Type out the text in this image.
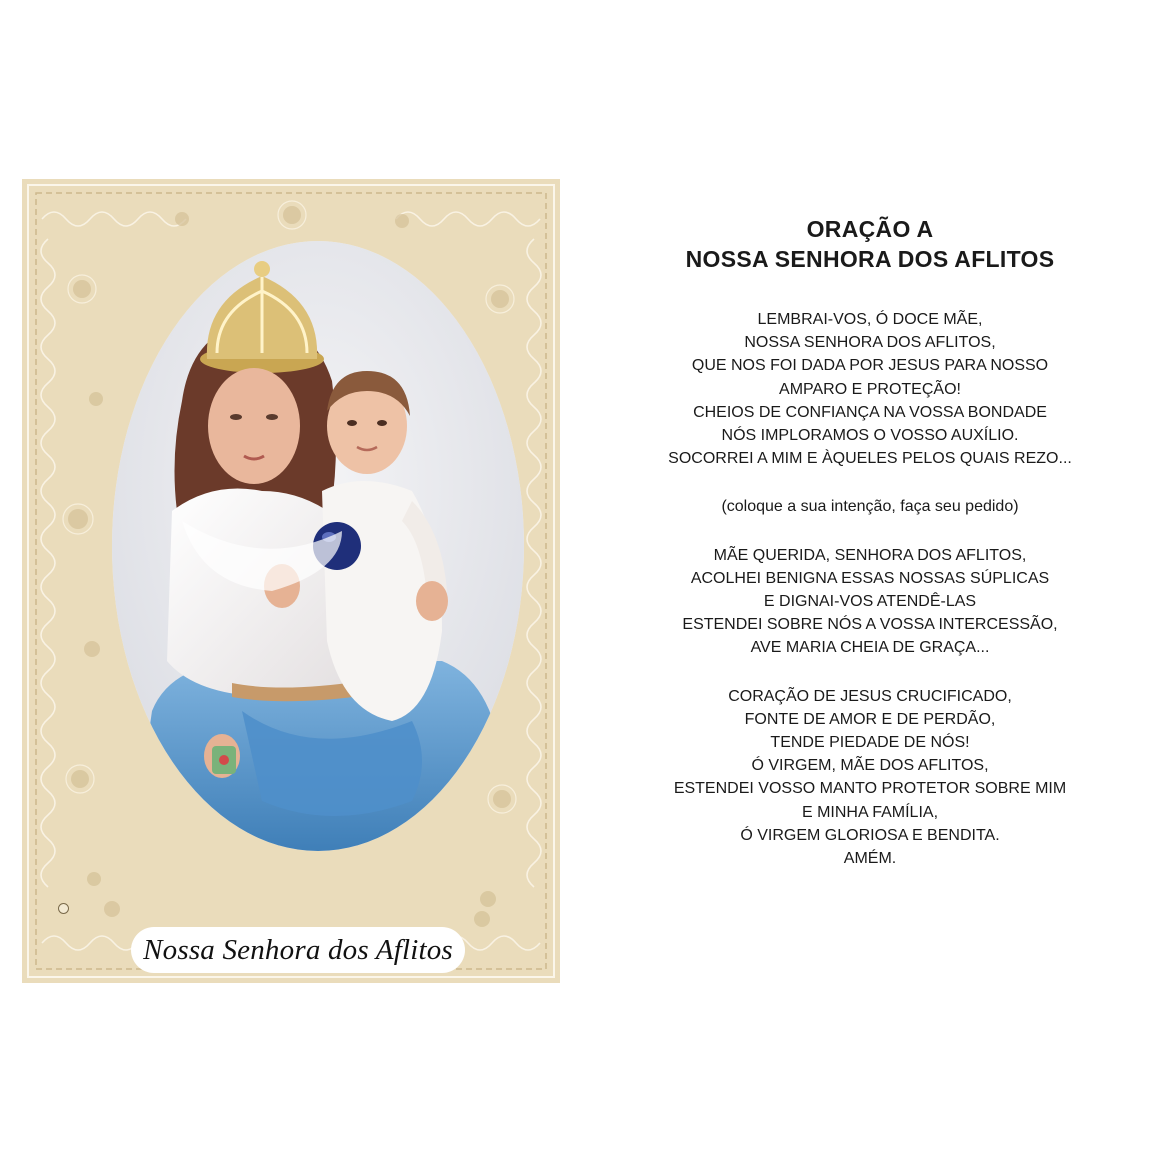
Nossa Senhora dos Aflitos
ORAÇÃO A
NOSSA SENHORA DOS AFLITOS
LEMBRAI-VOS, Ó DOCE MÃE,
NOSSA SENHORA DOS AFLITOS,
QUE NOS FOI DADA POR JESUS PARA NOSSO
AMPARO E PROTEÇÃO!
CHEIOS DE CONFIANÇA NA VOSSA BONDADE
NÓS IMPLORAMOS O VOSSO AUXÍLIO.
SOCORREI A MIM E ÀQUELES PELOS QUAIS REZO...
(coloque a sua intenção, faça seu pedido)
MÃE QUERIDA, SENHORA DOS AFLITOS,
ACOLHEI BENIGNA ESSAS NOSSAS SÚPLICAS
E DIGNAI-VOS ATENDÊ-LAS
ESTENDEI SOBRE NÓS A VOSSA INTERCESSÃO,
AVE MARIA CHEIA DE GRAÇA...
CORAÇÃO DE JESUS CRUCIFICADO,
FONTE DE AMOR E DE PERDÃO,
TENDE PIEDADE DE NÓS!
Ó VIRGEM, MÃE DOS AFLITOS,
ESTENDEI VOSSO MANTO PROTETOR SOBRE MIM
E MINHA FAMÍLIA,
Ó VIRGEM GLORIOSA E BENDITA.
AMÉM.
